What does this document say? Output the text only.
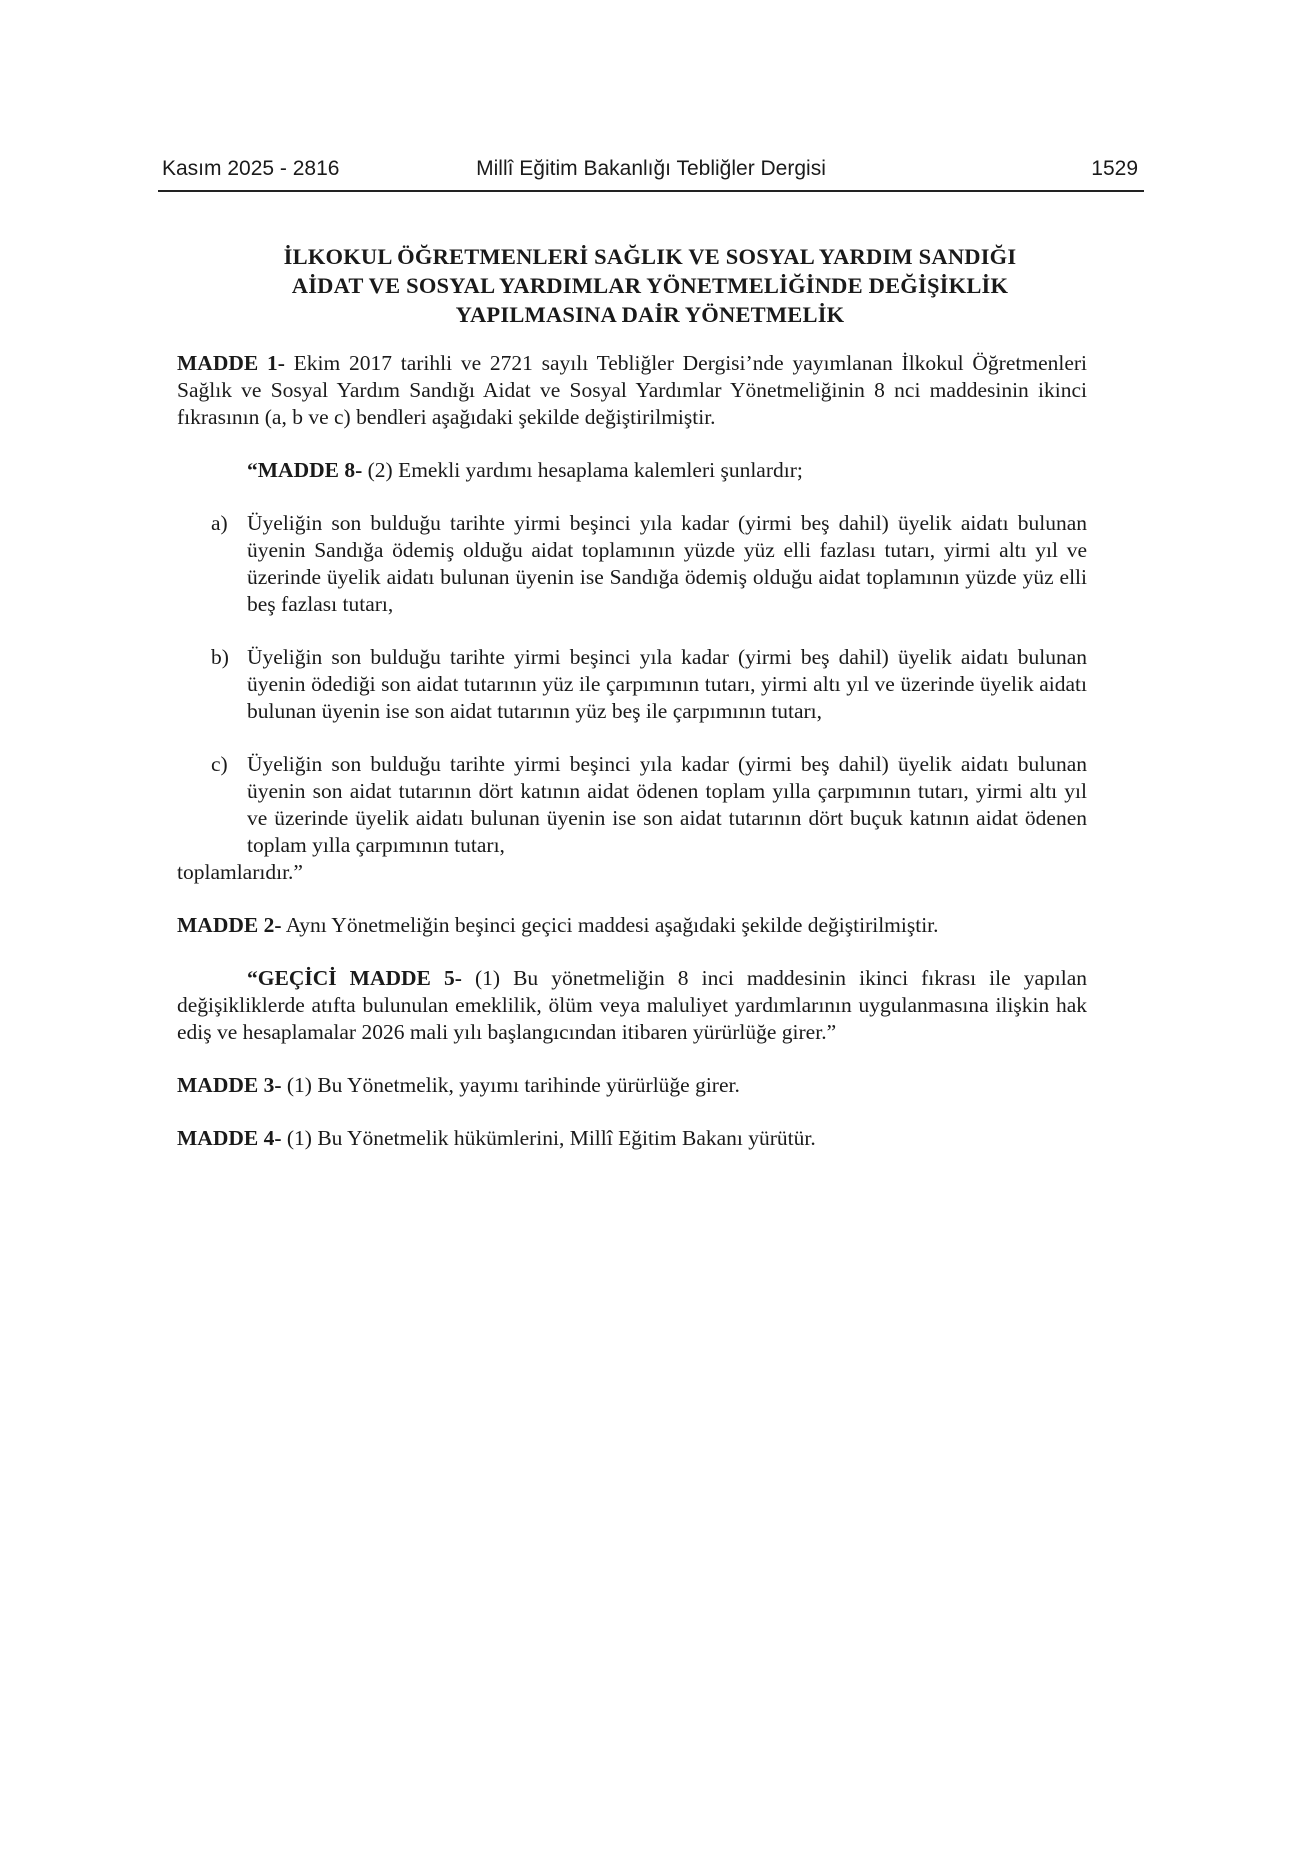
Kasım 2025 - 2816	Millî Eğitim Bakanlığı Tebliğler Dergisi	1529
İLKOKUL ÖĞRETMENLERİ SAĞLIK VE SOSYAL YARDIM SANDIĞI
AİDAT VE SOSYAL YARDIMLAR YÖNETMELİĞİNDE DEĞİŞİKLİK
YAPILMASINA DAİR YÖNETMELİK

MADDE 1- Ekim 2017 tarihli ve 2721 sayılı Tebliğler Dergisi’nde yayımlanan İlkokul Öğretmenleri Sağlık ve Sosyal Yardım Sandığı Aidat ve Sosyal Yardımlar Yönetmeliğinin 8 nci maddesinin ikinci fıkrasının (a, b ve c) bendleri aşağıdaki şekilde değiştirilmiştir.

“MADDE 8- (2) Emekli yardımı hesaplama kalemleri şunlardır;

a) Üyeliğin son bulduğu tarihte yirmi beşinci yıla kadar (yirmi beş dahil) üyelik aidatı bulunan üyenin Sandığa ödemiş olduğu aidat toplamının yüzde yüz elli fazlası tutarı, yirmi altı yıl ve üzerinde üyelik aidatı bulunan üyenin ise Sandığa ödemiş olduğu aidat toplamının yüzde yüz elli beş fazlası tutarı,
b) Üyeliğin son bulduğu tarihte yirmi beşinci yıla kadar (yirmi beş dahil) üyelik aidatı bulunan üyenin ödediği son aidat tutarının yüz ile çarpımının tutarı, yirmi altı yıl ve üzerinde üyelik aidatı bulunan üyenin ise son aidat tutarının yüz beş ile çarpımının tutarı,
c) Üyeliğin son bulduğu tarihte yirmi beşinci yıla kadar (yirmi beş dahil) üyelik aidatı bulunan üyenin son aidat tutarının dört katının aidat ödenen toplam yılla çarpımının tutarı, yirmi altı yıl ve üzerinde üyelik aidatı bulunan üyenin ise son aidat tutarının dört buçuk katının aidat ödenen toplam yılla çarpımının tutarı,

toplamlarıdır.”

MADDE 2- Aynı Yönetmeliğin beşinci geçici maddesi aşağıdaki şekilde değiştirilmiştir.

“GEÇİCİ MADDE 5- (1) Bu yönetmeliğin 8 inci maddesinin ikinci fıkrası ile yapılan değişikliklerde atıfta bulunulan emeklilik, ölüm veya maluliyet yardımlarının uygulanmasına ilişkin hak ediş ve hesaplamalar 2026 mali yılı başlangıcından itibaren yürürlüğe girer.”

MADDE 3- (1) Bu Yönetmelik, yayımı tarihinde yürürlüğe girer.

MADDE 4- (1) Bu Yönetmelik hükümlerini, Millî Eğitim Bakanı yürütür.
